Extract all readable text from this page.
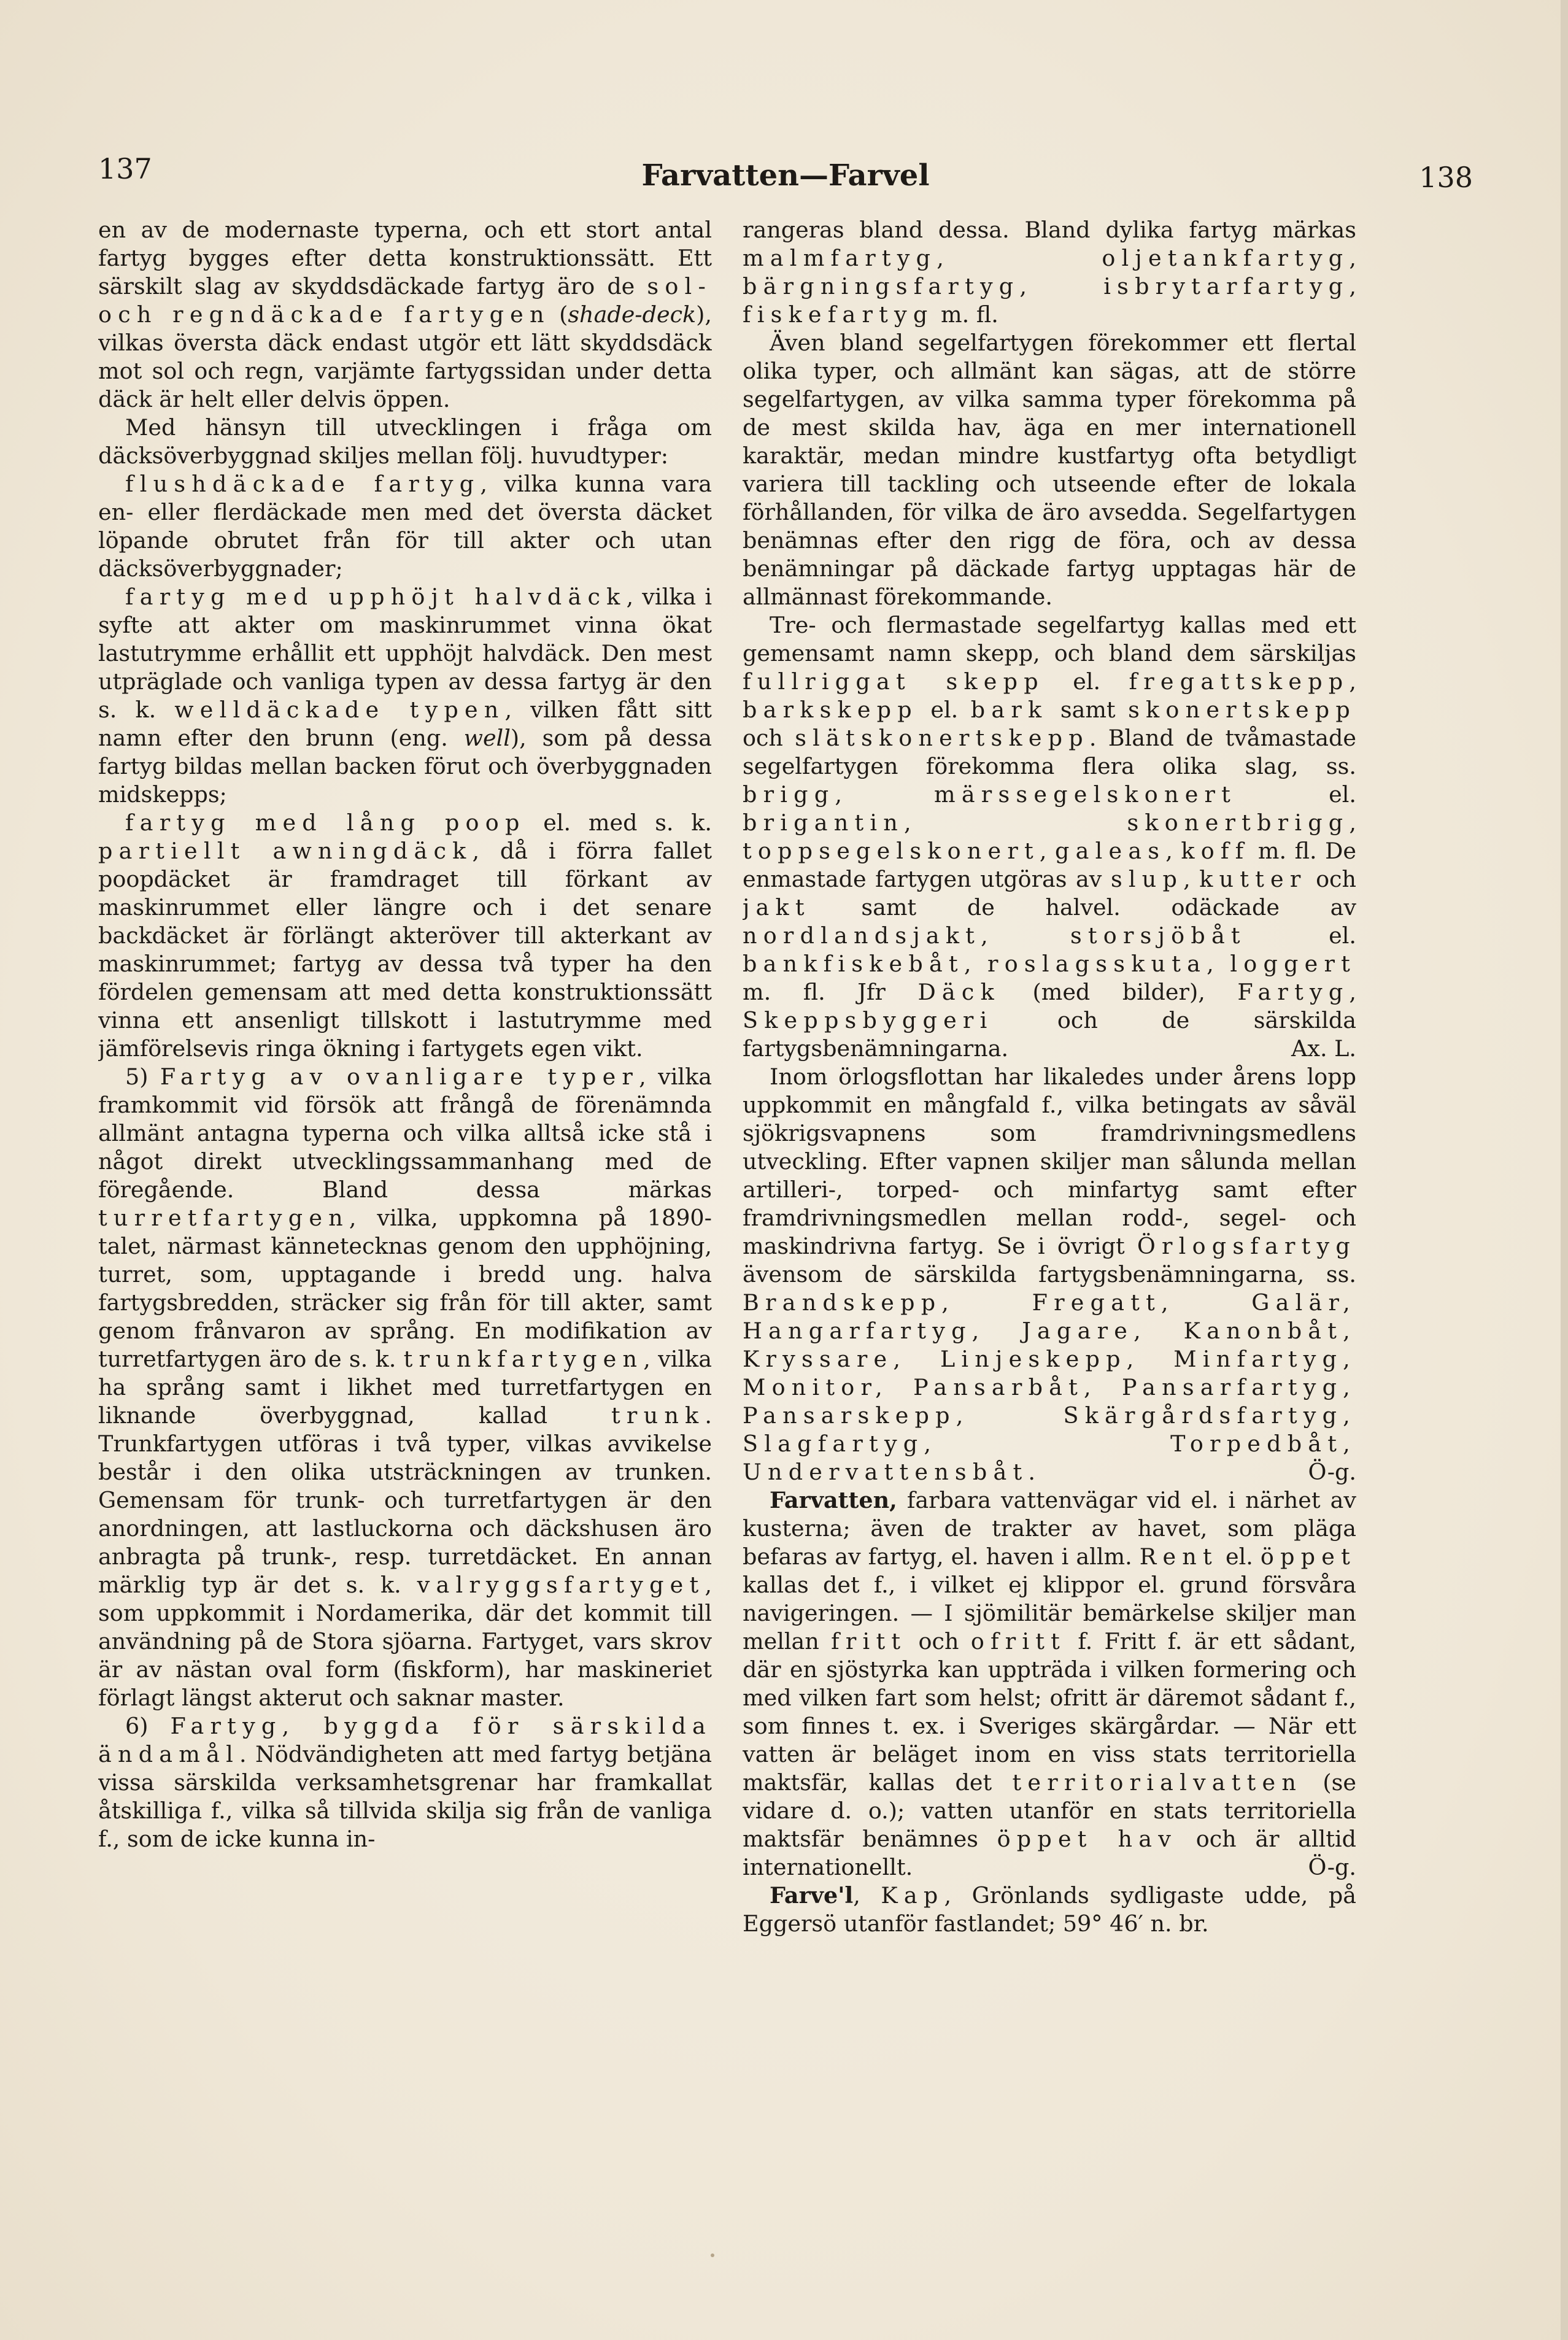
137	Farvatten—Farvel	138

en av de modernaste typerna, och ett stort antal fartyg bygges efter detta konstruktionssätt. Ett särskilt slag av skyddsdäckade fartyg äro de sol- och regndäckade fartygen (shade-deck), vilkas översta däck endast utgör ett lätt skyddsdäck mot sol och regn, varjämte fartygssidan under detta däck är helt eller delvis öppen.

Med hänsyn till utvecklingen i fråga om däcksöverbyggnad skiljes mellan följ. huvudtyper:

flushdäckade fartyg, vilka kunna vara en- eller flerdäckade men med det översta däcket löpande obrutet från för till akter och utan däcksöverbyggnader;

fartyg med upphöjt halvdäck, vilka i syfte att akter om maskinrummet vinna ökat lastutrymme erhållit ett upphöjt halvdäck. Den mest utpräglade och vanliga typen av dessa fartyg är den s. k. welldäckade typen, vilken fått sitt namn efter den brunn (eng. well), som på dessa fartyg bildas mellan backen förut och överbyggnaden midskepps;

fartyg med lång poop el. med s. k. partiellt awningdäck, då i förra fallet poopdäcket är framdraget till förkant av maskinrummet eller längre och i det senare backdäcket är förlängt akteröver till akterkant av maskinrummet; fartyg av dessa två typer ha den fördelen gemensam att med detta konstruktionssätt vinna ett ansenligt tillskott i lastutrymme med jämförelsevis ringa ökning i fartygets egen vikt.

5) Fartyg av ovanligare typer, vilka framkommit vid försök att frångå de förenämnda allmänt antagna typerna och vilka alltså icke stå i något direkt utvecklingssammanhang med de föregående. Bland dessa märkas turretfartygen, vilka, uppkomna på 1890-talet, närmast kännetecknas genom den upphöjning, turret, som, upptagande i bredd ung. halva fartygsbredden, sträcker sig från för till akter, samt genom frånvaron av språng. En modifikation av turretfartygen äro de s. k. trunkfartygen, vilka ha språng samt i likhet med turretfartygen en liknande överbyggnad, kallad trunk. Trunkfartygen utföras i två typer, vilkas avvikelse består i den olika utsträckningen av trunken. Gemensam för trunk- och turretfartygen är den anordningen, att lastluckorna och däckshusen äro anbragta på trunk-, resp. turretdäcket. En annan märklig typ är det s. k. valryggsfartyget, som uppkommit i Nordamerika, där det kommit till användning på de Stora sjöarna. Fartyget, vars skrov är av nästan oval form (fiskform), har maskineriet förlagt längst akterut och saknar master.

6) Fartyg, byggda för särskilda ändamål. Nödvändigheten att med fartyg betjäna vissa särskilda verksamhetsgrenar har framkallat åtskilliga f., vilka så tillvida skilja sig från de vanliga f., som de icke kunna in-

rangeras bland dessa. Bland dylika fartyg märkas malmfartyg, oljetankfartyg, bärgningsfartyg, isbrytarfartyg, fiskefartyg m. fl.

Även bland segelfartygen förekommer ett flertal olika typer, och allmänt kan sägas, att de större segelfartygen, av vilka samma typer förekomma på de mest skilda hav, äga en mer internationell karaktär, medan mindre kustfartyg ofta betydligt variera till tackling och utseende efter de lokala förhållanden, för vilka de äro avsedda. Segelfartygen benämnas efter den rigg de föra, och av dessa benämningar på däckade fartyg upptagas här de allmännast förekommande.

Tre- och flermastade segelfartyg kallas med ett gemensamt namn skepp, och bland dem särskiljas fullriggat skepp el. fregattskepp, barkskepp el. bark samt skonertskepp och slätskonertskepp. Bland de tvåmastade segelfartygen förekomma flera olika slag, ss. brigg, märssegelskonert el. brigantin, skonertbrigg, toppsegelskonert, galeas, koff m. fl. De enmastade fartygen utgöras av slup, kutter och jakt samt de halvel. odäckade av nordlandsjakt, storsjöbåt el. bankfiskebåt, roslagsskuta, loggert m. fl. Jfr Däck (med bilder), Fartyg, Skeppsbyggeri och de särskilda fartygsbenämningarna.	Ax. L.

Inom örlogsflottan har likaledes under årens lopp uppkommit en mångfald f., vilka betingats av såväl sjökrigsvapnens som framdrivningsmedlens utveckling. Efter vapnen skiljer man sålunda mellan artilleri-, torped- och minfartyg samt efter framdrivningsmedlen mellan rodd-, segel- och maskindrivna fartyg. Se i övrigt Örlogsfartyg ävensom de särskilda fartygsbenämningarna, ss. Brandskepp, Fregatt, Galär, Hangarfartyg, Jagare, Kanonbåt, Kryssare, Linjeskepp, Minfartyg, Monitor, Pansarbåt, Pansarfartyg, Pansarskepp, Skärgårdsfartyg, Slagfartyg, Torpedbåt, Undervattensbåt.	Ö-g.

Farvatten, farbara vattenvägar vid el. i närhet av kusterna; även de trakter av havet, som pläga befaras av fartyg, el. haven i allm. Rent el. öppet kallas det f., i vilket ej klippor el. grund försvåra navigeringen. — I sjömilitär bemärkelse skiljer man mellan fritt och ofritt f. Fritt f. är ett sådant, där en sjöstyrka kan uppträda i vilken formering och med vilken fart som helst; ofritt är däremot sådant f., som finnes t. ex. i Sveriges skärgårdar. — När ett vatten är beläget inom en viss stats territoriella maktsfär, kallas det territorialvatten (se vidare d. o.); vatten utanför en stats territoriella maktsfär benämnes öppet hav och är alltid internationellt.	Ö-g.

Farve'l, Kap, Grönlands sydligaste udde, på Eggersö utanför fastlandet; 59° 46′ n. br.
